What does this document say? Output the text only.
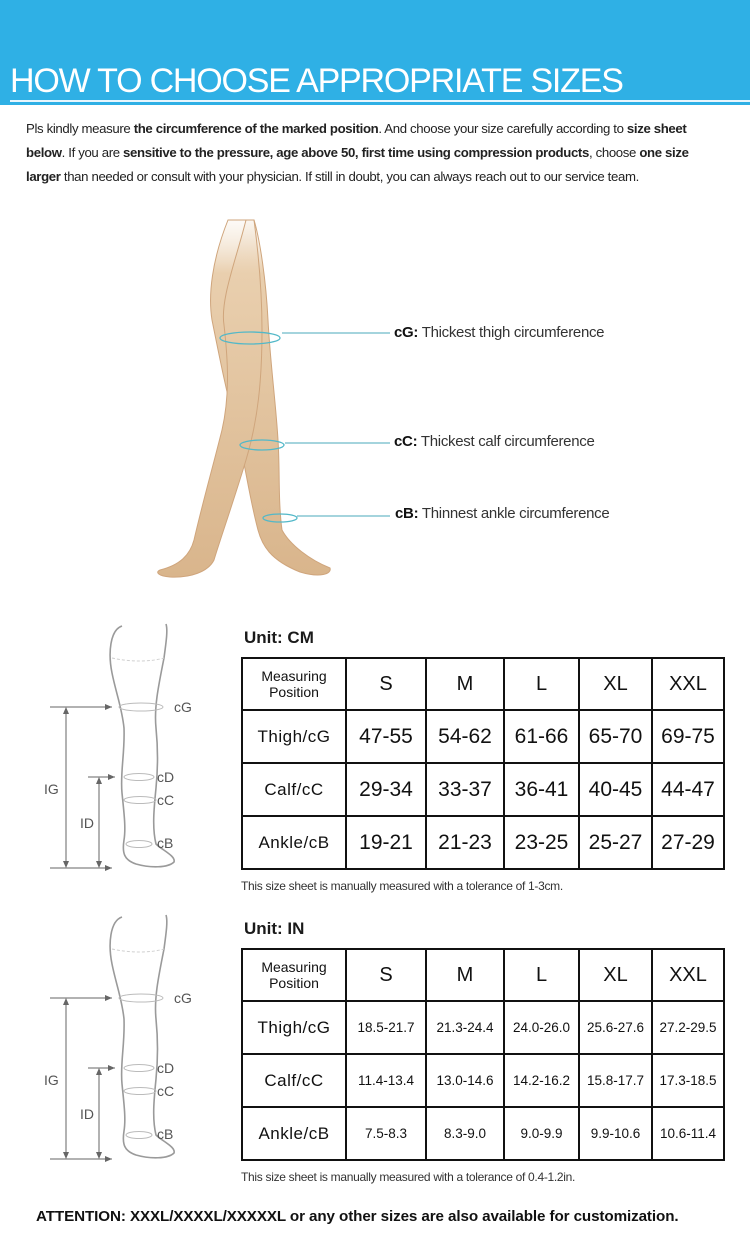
HOW TO CHOOSE APPROPRIATE SIZES
Pls kindly measure the circumference of the marked position. And choose your size carefully according to size sheet below. If you are sensitive to the pressure, age above 50, first time using compression products, choose one size larger than needed or consult with your physician. If still in doubt, you can always reach out to our service team.
cG: Thickest thigh circumference
cC: Thickest calf circumference
cB: Thinnest ankle circumference
IG
ID
cG
cD
cC
cB
Unit: CM
Measuring
Position	S	M	L	XL	XXL
Thigh/cG	47-55	54-62	61-66	65-70	69-75
Calf/cC	29-34	33-37	36-41	40-45	44-47
Ankle/cB	19-21	21-23	23-25	25-27	27-29
This size sheet is manually measured with a tolerance of 1-3cm.
IG
ID
cG
cD
cC
cB
Unit: IN
Measuring
Position	S	M	L	XL	XXL
Thigh/cG	18.5-21.7	21.3-24.4	24.0-26.0	25.6-27.6	27.2-29.5
Calf/cC	11.4-13.4	13.0-14.6	14.2-16.2	15.8-17.7	17.3-18.5
Ankle/cB	7.5-8.3	8.3-9.0	9.0-9.9	9.9-10.6	10.6-11.4
This size sheet is manually measured with a tolerance of 0.4-1.2in.
ATTENTION: XXXL/XXXXL/XXXXXL or any other sizes are also available for customization.
